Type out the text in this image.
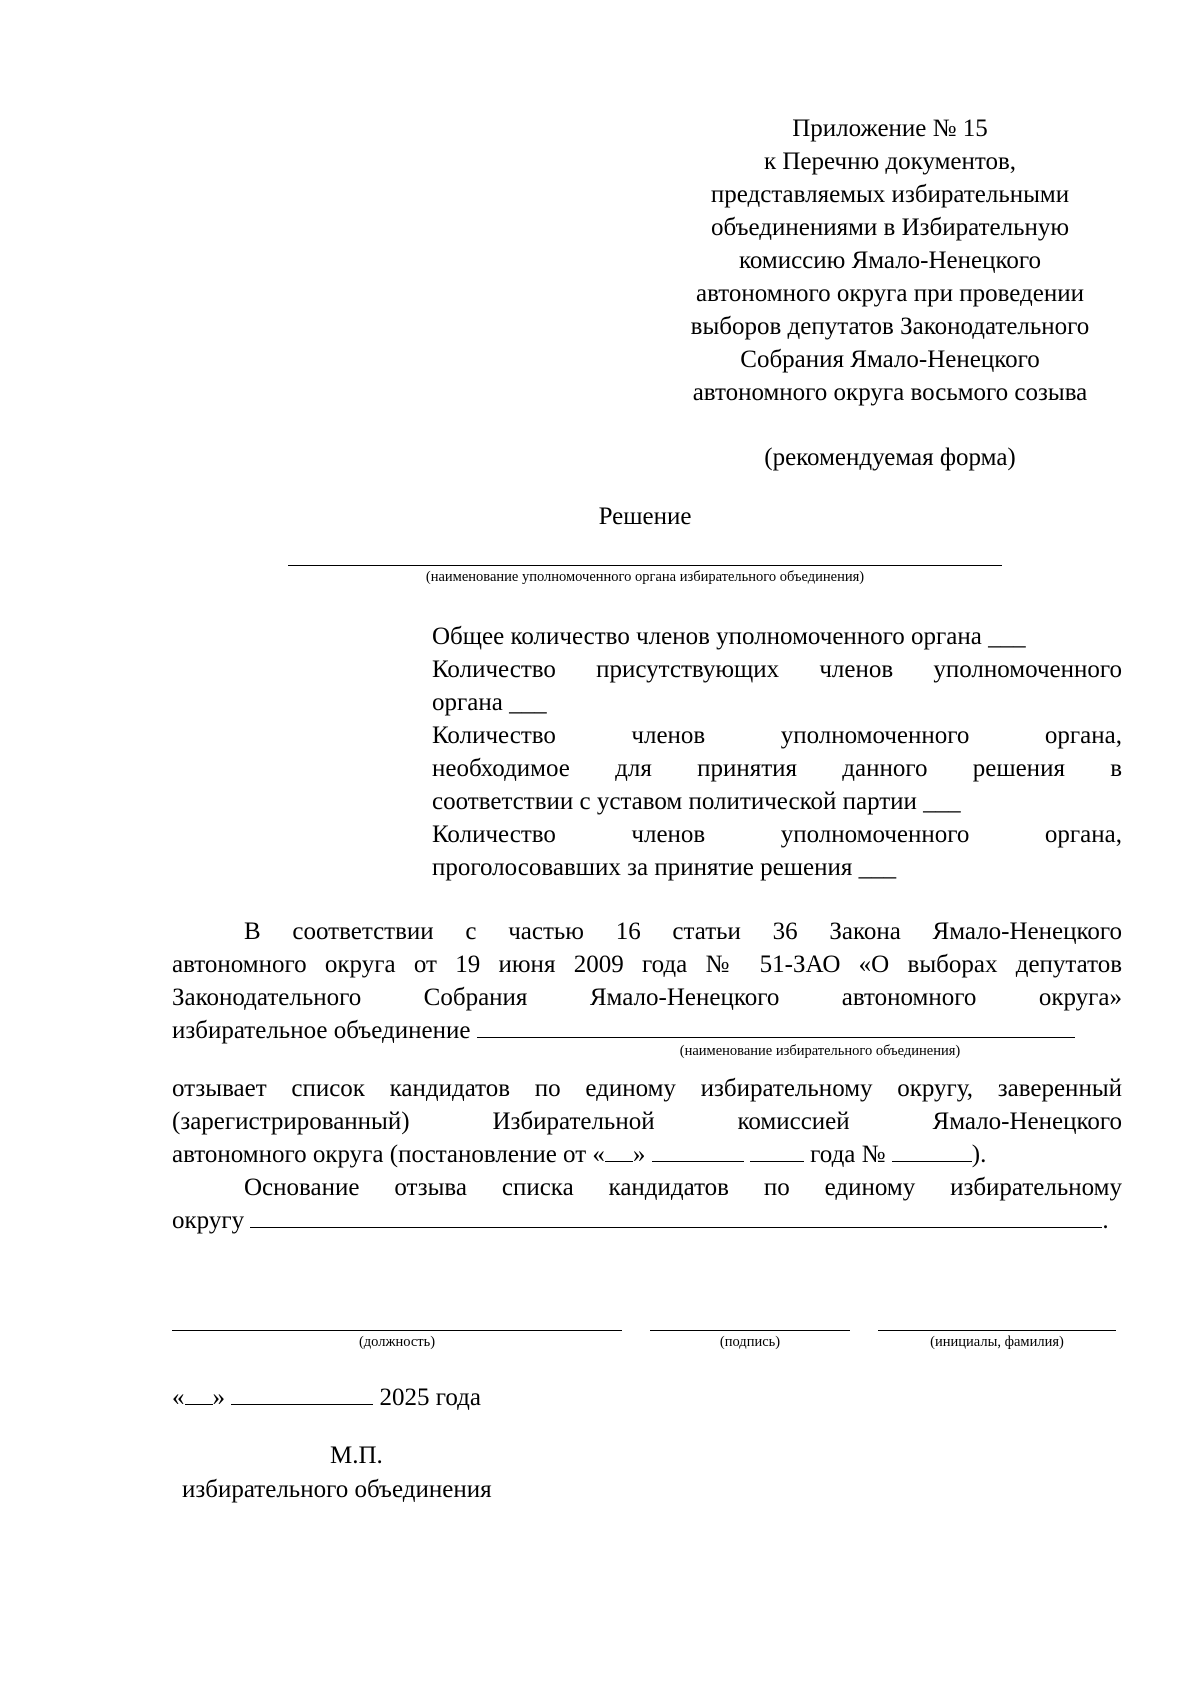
Приложение № 15
к Перечню документов,
представляемых избирательными
объединениями в Избирательную
комиссию Ямало-Ненецкого
автономного округа при проведении
выборов депутатов Законодательного
Собрания Ямало-Ненецкого
автономного округа восьмого созыва
(рекомендуемая форма)
Решение
(наименование уполномоченного органа избирательного объединения)

Общее количество членов уполномоченного органа ___

Количество присутствующих членов уполномоченного

органа ___

Количество членов уполномоченного органа,

необходимое для принятия данного решения в

соответствии с уставом политической партии ___

Количество членов уполномоченного органа,

проголосовавших за принятие решения ___

В соответствии с частью 16 статьи 36 Закона Ямало-Ненецкого
автономного округа от 19 июня 2009 года № 51-ЗАО «О выборах депутатов
Законодательного Собрания Ямало-Ненецкого автономного округа»
избирательное объединение
(наименование избирательного объединения)
отзывает список кандидатов по единому избирательному округу, заверенный
(зарегистрированный) Избирательной комиссией Ямало-Ненецкого
автономного округа (постановление от « »	года №	).
Основание отзыва списка кандидатов по единому избирательному
округу	.
(должность)	(подпись)	(инициалы, фамилия)
« »	2025 года
М.П.
избирательного объединения
